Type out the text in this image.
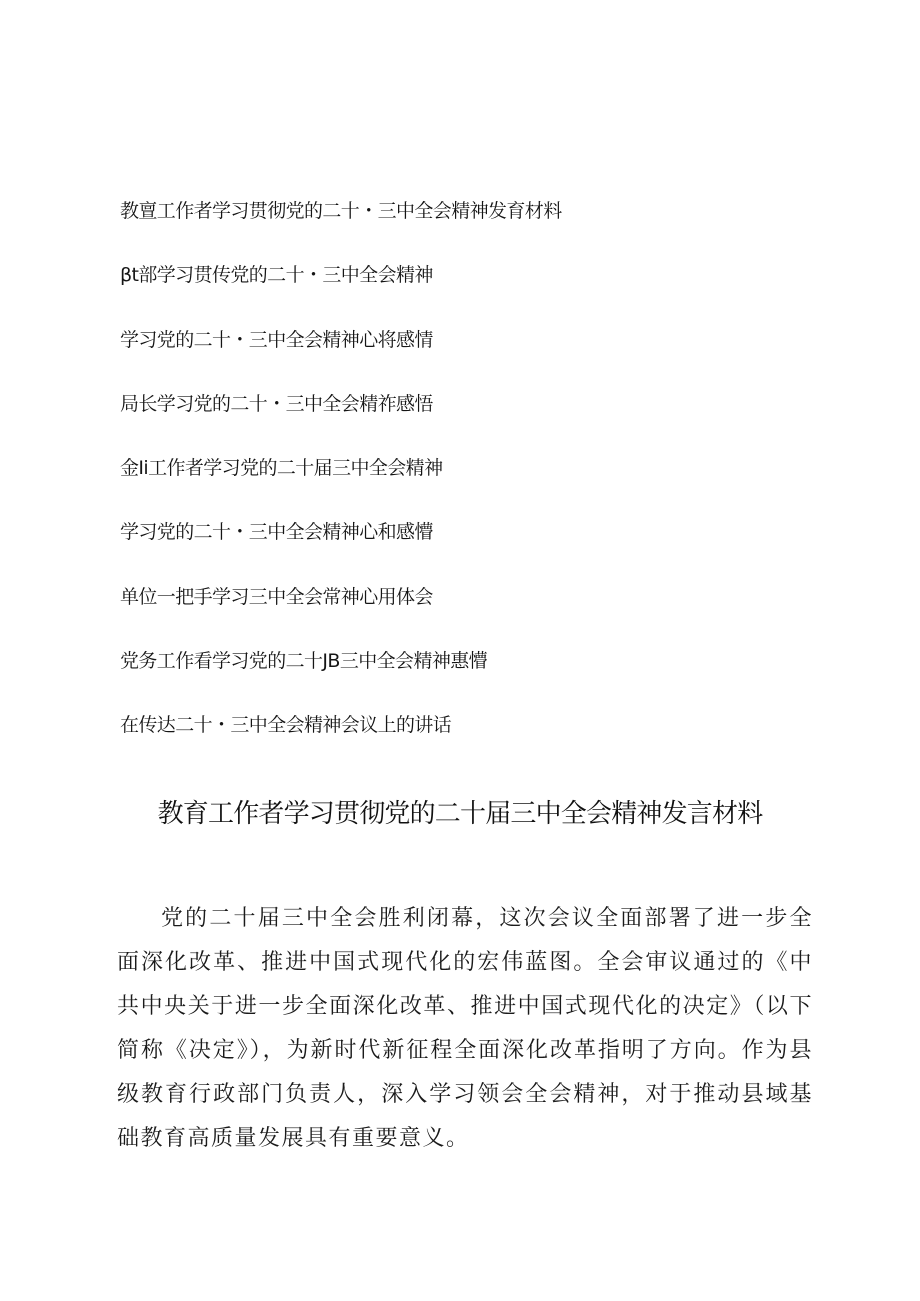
教亶工作者学习贯彻党的二十・三中全会精神发育材料
βt部学习贯传党的二十・三中全会精神
学习党的二十・三中全会精神心将感情
局长学习党的二十・三中全会精祚感悟
金Ii工作者学习党的二十届三中全会精神
学习党的二十・三中全会精神心和感懵
单位一把手学习三中全会常神心用体会
党务工作看学习党的二十JB三中全会精神惠懵
在传达二十・三中全会精神会议上的讲话
教育工作者学习贯彻党的二十届三中全会精神发言材料

党的二十届三中全会胜利闭幕，这次会议全面部署了进一步全面深化改革、推进中国式现代化的宏伟蓝图。全会审议通过的《中共中央关于进一步全面深化改革、推进中国式现代化的决定》（以下简称《决定》），为新时代新征程全面深化改革指明了方向。作为县级教育行政部门负责人，深入学习领会全会精神，对于推动县域基础教育高质量发展具有重要意义。
